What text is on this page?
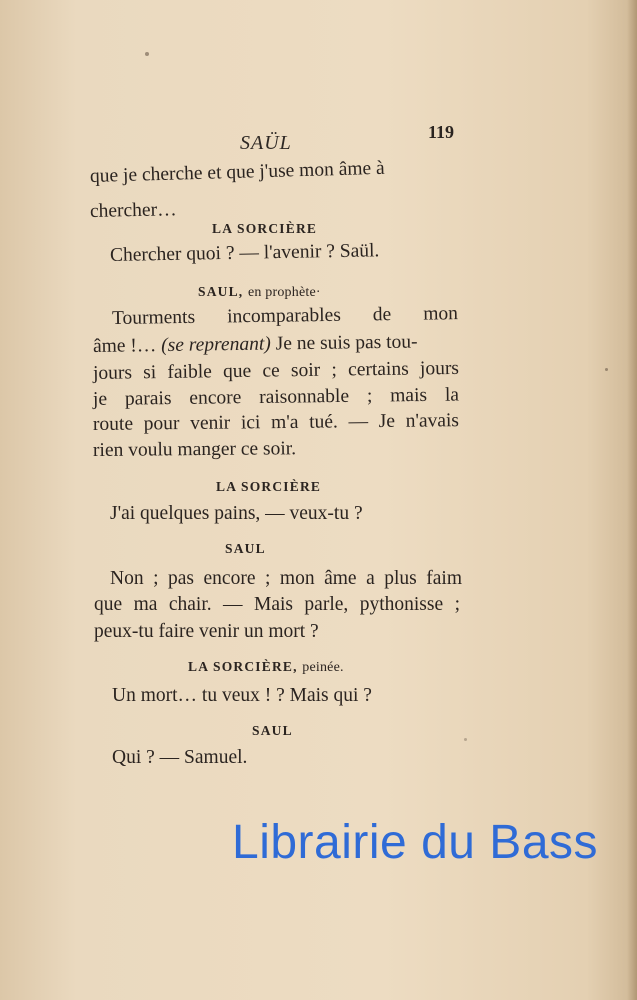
SAÜL	119
que je cherche et que j'use mon âme à
chercher…
LA SORCIÈRE
Chercher quoi ? — l'avenir ? Saül.
SAUL, en prophète·
Tourments incomparables de mon
âme !… (se reprenant) Je ne suis pas tou-
jours si faible que ce soir ; certains jours
je parais encore raisonnable ; mais la
route pour venir ici m'a tué. — Je n'avais
rien voulu manger ce soir.
LA SORCIÈRE
J'ai quelques pains, — veux-tu ?
SAUL
Non ; pas encore ; mon âme a plus faim
que ma chair. — Mais parle, pythonisse ;
peux-tu faire venir un mort ?
LA SORCIÈRE, peinée.
Un mort… tu veux ! ? Mais qui ?
SAUL
Qui ? — Samuel.
Librairie du Bass
